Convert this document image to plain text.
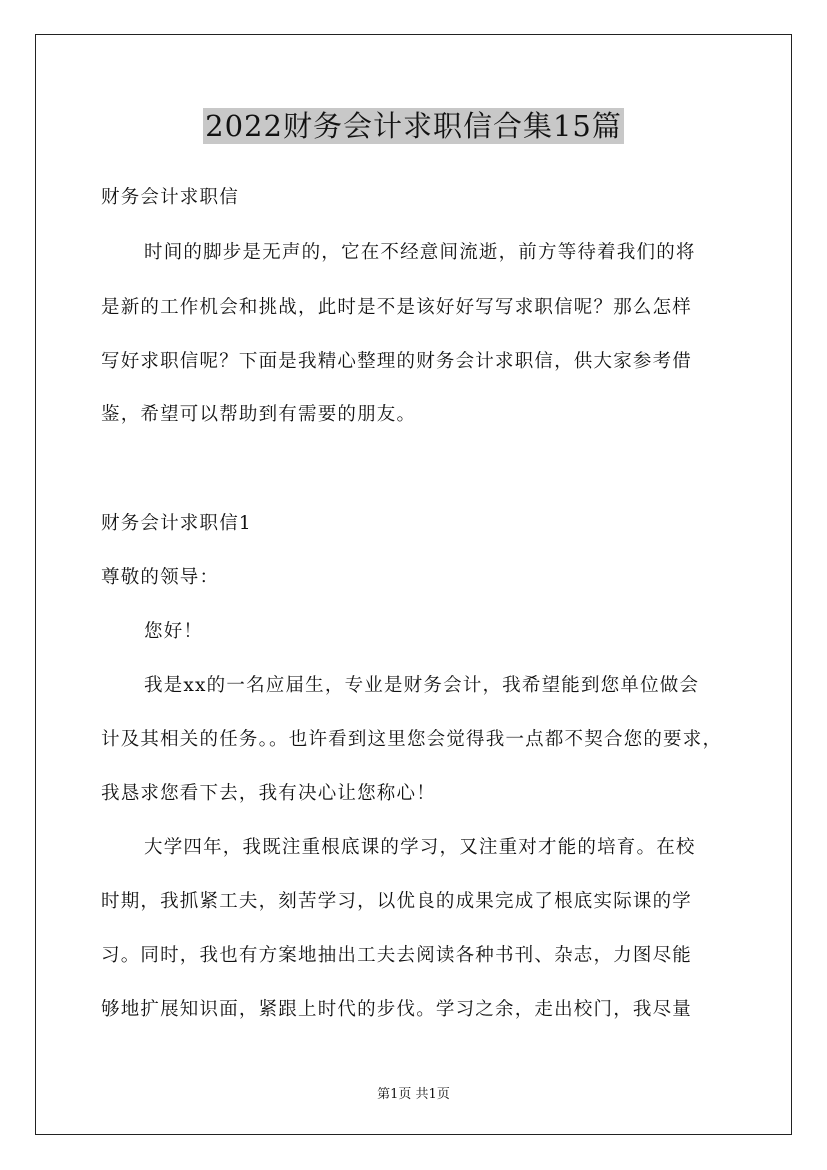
2022财务会计求职信合集15篇
财务会计求职信
时间的脚步是无声的，它在不经意间流逝，前方等待着我们的将
是新的工作机会和挑战，此时是不是该好好写写求职信呢？那么怎样
写好求职信呢？下面是我精心整理的财务会计求职信，供大家参考借
鉴，希望可以帮助到有需要的朋友。
财务会计求职信1
尊敬的领导：
您好！
我是xx的一名应届生，专业是财务会计，我希望能到您单位做会
计及其相关的任务。。也许看到这里您会觉得我一点都不契合您的要求，
我恳求您看下去，我有决心让您称心！
大学四年，我既注重根底课的学习，又注重对才能的培育。在校
时期，我抓紧工夫，刻苦学习，以优良的成果完成了根底实际课的学
习。同时，我也有方案地抽出工夫去阅读各种书刊、杂志，力图尽能
够地扩展知识面，紧跟上时代的步伐。学习之余，走出校门，我尽量
第1页 共1页
